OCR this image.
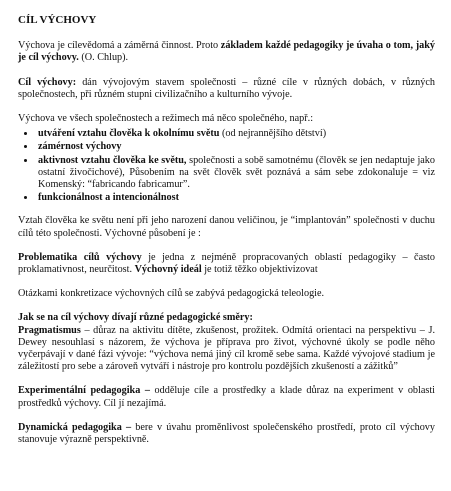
CÍL VÝCHOVY

Výchova je cílevědomá a záměrná činnost. Proto základem každé pedagogiky je úvaha o tom, jaký je cíl výchovy. (O. Chlup).

Cíl výchovy: dán vývojovým stavem společnosti – různé cíle v různých dobách, v různých společnostech, při různém stupni civilizačního a kulturního vývoje.

Výchova ve všech společnostech a režimech má něco společného, např.:

• utváření vztahu člověka k okolnímu světu (od nejrannějšího dětství)
• zámérnost výchovy
• aktivnost vztahu člověka ke světu, společnosti a sobě samotnému (člověk se jen nedaptuje jako ostatní živočichové), Působením na svět člověk svět poznává a sám sebe zdokonaluje = viz Komenský: “fabricando fabricamur”.
• funkcionálnost a intencionálnost

Vztah člověka ke světu není při jeho narození danou veličinou, je “implantován” společnosti v duchu cílů této společnosti. Výchovné působení je :

Problematika cílů výchovy je jedna z nejméně propracovaných oblastí pedagogiky – často proklamativnost, neurčitost. Výchovný ideál je totiž těžko objektivizovat

Otázkami konkretizace výchovných cílů se zabývá pedagogická teleologie.

Jak se na cíl výchovy dívají různé pedagogické směry:
Pragmatismus – důraz na aktivitu dítěte, zkušenost, prožitek. Odmítá orientaci na perspektivu – J. Dewey nesouhlasí s názorem, že výchova je příprava pro život, výchovné úkoly se podle něho vyčerpávají v dané fázi vývoje: “výchova nemá jiný cíl kromě sebe sama. Každé vývojové stadium je záležitostí pro sebe a zároveň vytváří i nástroje pro kontrolu pozdějších zkušeností a zážitků”

Experimentální pedagogika – odděluje cíle a prostředky a klade důraz na experiment v oblasti prostředků výchovy. Cíl jí nezajímá.

Dynamická pedagogika – bere v úvahu proměnlivost společenského prostředí, proto cíl výchovy stanovuje výrazně perspektivně.
